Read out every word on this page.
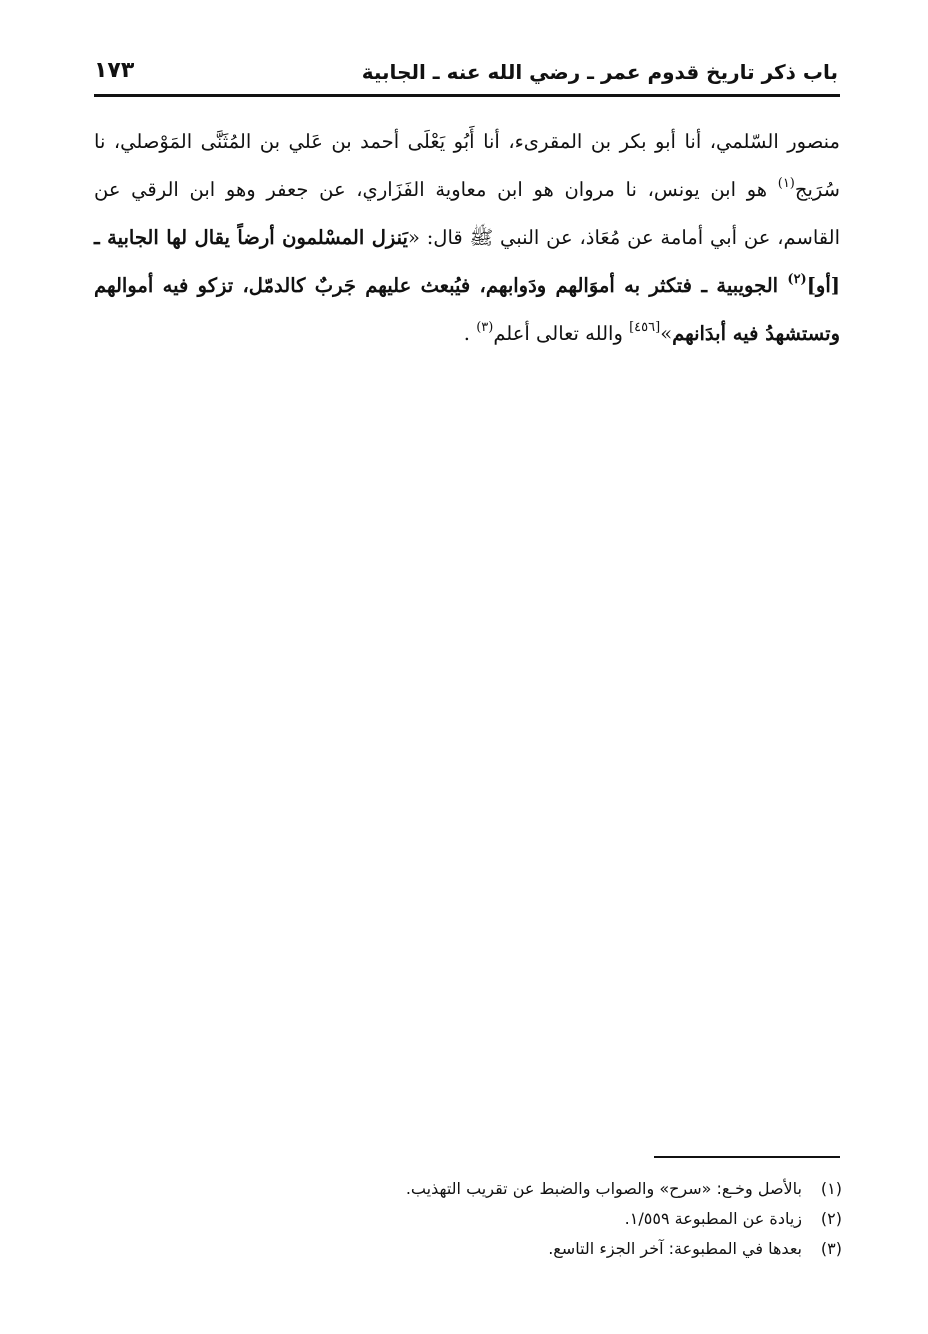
باب ذكر تاريخ قدوم عمر ـ رضي الله عنه ـ الجابية
١٧٣
منصور السّلمي، أنا أبو بكر بن المقرىء، أنا أَبُو يَعْلَى أحمد بن عَلي بن المُثَنَّى المَوْصلي، نا سُرَيج$^{(١)}$ هو ابن يونس، نا مروان هو ابن معاوية الفَزَاري، عن جعفر وهو ابن الرقي عن القاسم، عن أبي أمامة عن مُعَاذ، عن النبي ﷺ قال: «يَنزل المسْلمون أرضاً يقال لها الجابية ـ [أو]$^{(٢)}$ الجويبية ـ فتكثر به أموَالهم ودَوابهم، فيُبعث عليهم جَربٌ كالدمّل، تزكو فيه أموالهم وتستشهدُ فيه أبدَانهم»[٤٥٦] والله تعالى أعلم$^{(٣)}$ .
(١)
بالأصل وخـع: «سرح» والصواب والضبط عن تقريب التهذيب.
(٢)
زيادة عن المطبوعة ١/٥٥٩.
(٣)
بعدها في المطبوعة: آخر الجزء التاسع.
